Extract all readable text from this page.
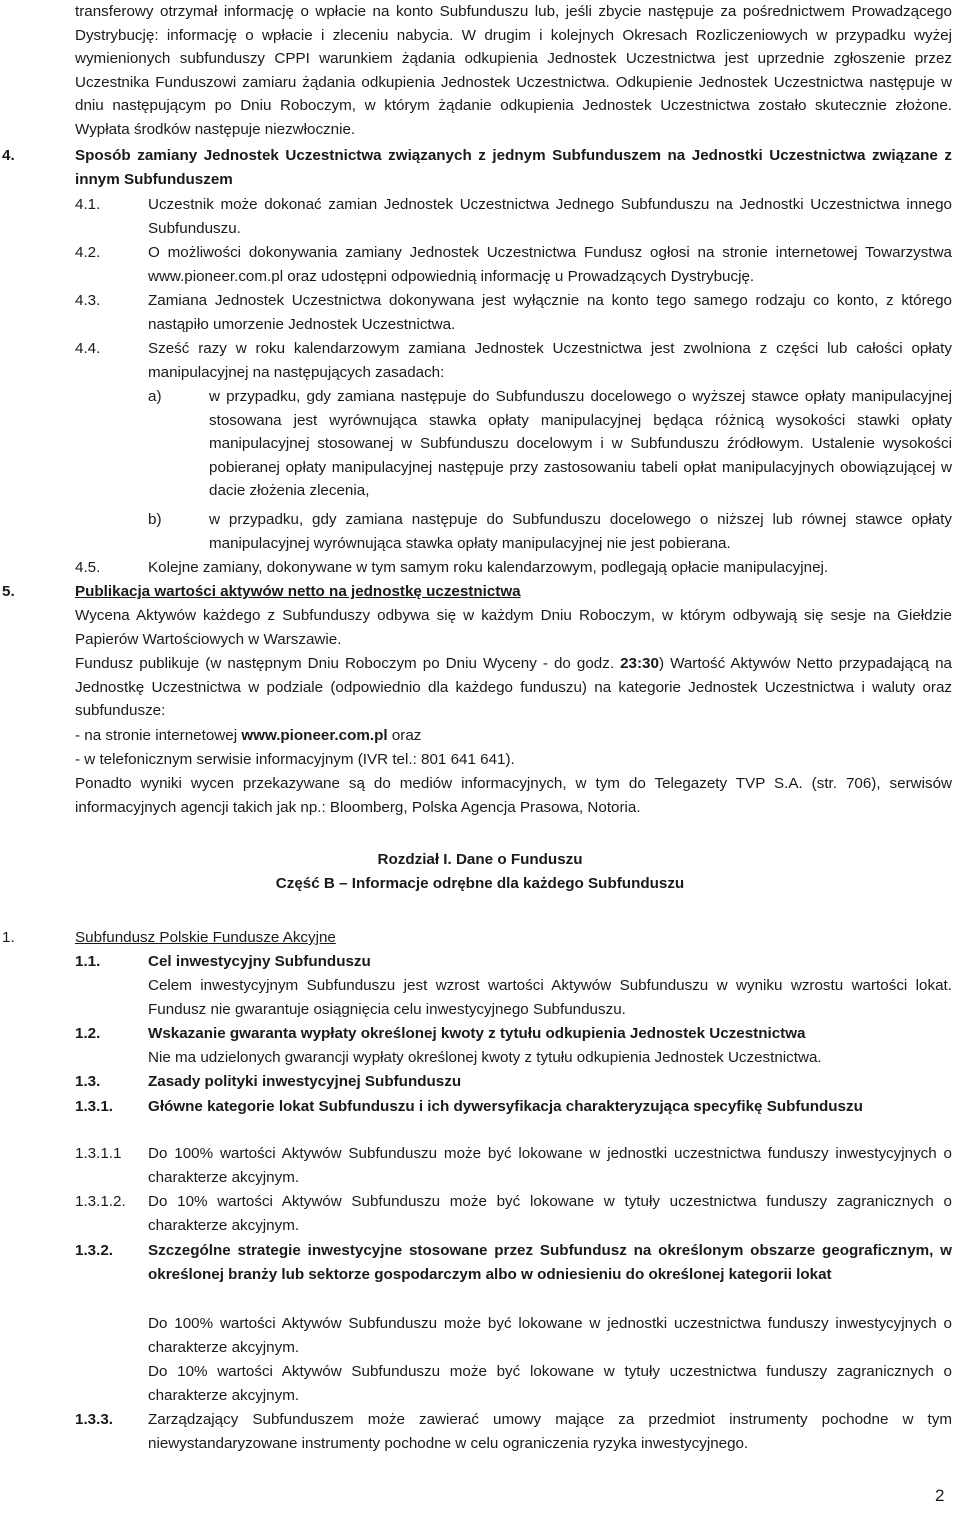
transferowy otrzymał informację o wpłacie na konto Subfunduszu lub, jeśli zbycie następuje za pośrednictwem Prowadzącego Dystrybucję: informację o wpłacie i zleceniu nabycia. W drugim i kolejnych Okresach Rozliczeniowych w przypadku wyżej wymienionych subfunduszy CPPI warunkiem żądania odkupienia Jednostek Uczestnictwa jest uprzednie zgłoszenie przez Uczestnika Funduszowi zamiaru żądania odkupienia Jednostek Uczestnictwa. Odkupienie Jednostek Uczestnictwa następuje w dniu następującym po Dniu Roboczym, w którym żądanie odkupienia Jednostek Uczestnictwa zostało skutecznie złożone. Wypłata środków następuje niezwłocznie.

4.	Sposób zamiany Jednostek Uczestnictwa związanych z jednym Subfunduszem na Jednostki Uczestnictwa związane z innym Subfunduszem

4.1.	Uczestnik może dokonać zamian Jednostek Uczestnictwa Jednego Subfunduszu na Jednostki Uczestnictwa innego Subfunduszu.

4.2.	O możliwości dokonywania zamiany Jednostek Uczestnictwa Fundusz ogłosi na stronie internetowej Towarzystwa www.pioneer.com.pl oraz udostępni odpowiednią informację u Prowadzących Dystrybucję.

4.3.	Zamiana Jednostek Uczestnictwa dokonywana jest wyłącznie na konto tego samego rodzaju co konto, z którego nastąpiło umorzenie Jednostek Uczestnictwa.

4.4.	Sześć razy w roku kalendarzowym zamiana Jednostek Uczestnictwa jest zwolniona z części lub całości opłaty manipulacyjnej na następujących zasadach:

a)	w przypadku, gdy zamiana następuje do Subfunduszu docelowego o wyższej stawce opłaty manipulacyjnej stosowana jest wyrównująca stawka opłaty manipulacyjnej będąca różnicą wysokości stawki opłaty manipulacyjnej stosowanej w Subfunduszu docelowym i w Subfunduszu źródłowym. Ustalenie wysokości pobieranej opłaty manipulacyjnej następuje przy zastosowaniu tabeli opłat manipulacyjnych obowiązującej w dacie złożenia zlecenia,

b)	w przypadku, gdy zamiana następuje do Subfunduszu docelowego o niższej lub równej stawce opłaty manipulacyjnej wyrównująca stawka opłaty manipulacyjnej nie jest pobierana.

4.5.	Kolejne zamiany, dokonywane w tym samym roku kalendarzowym, podlegają opłacie manipulacyjnej.

5.	Publikacja wartości aktywów netto na jednostkę uczestnictwa

Wycena Aktywów każdego z Subfunduszy odbywa się w każdym Dniu Roboczym, w którym odbywają się sesje na Giełdzie Papierów Wartościowych w Warszawie.

Fundusz publikuje (w następnym Dniu Roboczym po Dniu Wyceny - do godz. 23:30) Wartość Aktywów Netto przypadającą na Jednostkę Uczestnictwa w podziale (odpowiednio dla każdego funduszu) na kategorie Jednostek Uczestnictwa i waluty oraz subfundusze:

- na stronie internetowej www.pioneer.com.pl oraz

- w telefonicznym serwisie informacyjnym (IVR tel.: 801 641 641).

Ponadto wyniki wycen przekazywane są do mediów informacyjnych, w tym do Telegazety TVP S.A. (str. 706), serwisów informacyjnych agencji takich jak np.: Bloomberg, Polska Agencja Prasowa, Notoria.

Rozdział I. Dane o Funduszu

Część B – Informacje odrębne dla każdego Subfunduszu

1.	Subfundusz Polskie Fundusze Akcyjne

1.1.	Cel inwestycyjny Subfunduszu

Celem inwestycyjnym Subfunduszu jest wzrost wartości Aktywów Subfunduszu w wyniku wzrostu wartości lokat. Fundusz nie gwarantuje osiągnięcia celu inwestycyjnego Subfunduszu.

1.2.	Wskazanie gwaranta wypłaty określonej kwoty z tytułu odkupienia Jednostek Uczestnictwa

Nie ma udzielonych gwarancji wypłaty określonej kwoty z tytułu odkupienia Jednostek Uczestnictwa.

1.3.	Zasady polityki inwestycyjnej Subfunduszu

1.3.1. Główne kategorie lokat Subfunduszu i ich dywersyfikacja charakteryzująca specyfikę Subfunduszu

1.3.1.1 Do 100% wartości Aktywów Subfunduszu może być lokowane w jednostki uczestnictwa funduszy inwestycyjnych o charakterze akcyjnym.

1.3.1.2. Do 10% wartości Aktywów Subfunduszu może być lokowane w tytuły uczestnictwa funduszy zagranicznych o charakterze akcyjnym.

1.3.2. Szczególne strategie inwestycyjne stosowane przez Subfundusz na określonym obszarze geograficznym, w określonej branży lub sektorze gospodarczym albo w odniesieniu do określonej kategorii lokat

Do 100% wartości Aktywów Subfunduszu może być lokowane w jednostki uczestnictwa funduszy inwestycyjnych o charakterze akcyjnym.

Do 10% wartości Aktywów Subfunduszu może być lokowane w tytuły uczestnictwa funduszy zagranicznych o charakterze akcyjnym.

1.3.3. Zarządzający Subfunduszem może zawierać umowy mające za przedmiot instrumenty pochodne w tym niewystandaryzowane instrumenty pochodne w celu ograniczenia ryzyka inwestycyjnego.

2
